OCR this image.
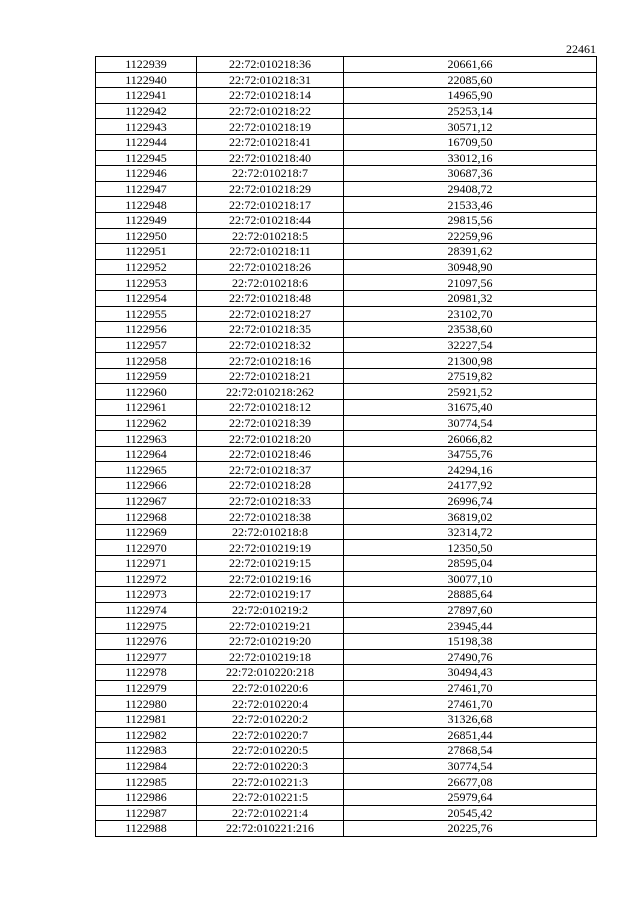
22461
1122939	22:72:010218:36	20661,66
1122940	22:72:010218:31	22085,60
1122941	22:72:010218:14	14965,90
1122942	22:72:010218:22	25253,14
1122943	22:72:010218:19	30571,12
1122944	22:72:010218:41	16709,50
1122945	22:72:010218:40	33012,16
1122946	22:72:010218:7	30687,36
1122947	22:72:010218:29	29408,72
1122948	22:72:010218:17	21533,46
1122949	22:72:010218:44	29815,56
1122950	22:72:010218:5	22259,96
1122951	22:72:010218:11	28391,62
1122952	22:72:010218:26	30948,90
1122953	22:72:010218:6	21097,56
1122954	22:72:010218:48	20981,32
1122955	22:72:010218:27	23102,70
1122956	22:72:010218:35	23538,60
1122957	22:72:010218:32	32227,54
1122958	22:72:010218:16	21300,98
1122959	22:72:010218:21	27519,82
1122960	22:72:010218:262	25921,52
1122961	22:72:010218:12	31675,40
1122962	22:72:010218:39	30774,54
1122963	22:72:010218:20	26066,82
1122964	22:72:010218:46	34755,76
1122965	22:72:010218:37	24294,16
1122966	22:72:010218:28	24177,92
1122967	22:72:010218:33	26996,74
1122968	22:72:010218:38	36819,02
1122969	22:72:010218:8	32314,72
1122970	22:72:010219:19	12350,50
1122971	22:72:010219:15	28595,04
1122972	22:72:010219:16	30077,10
1122973	22:72:010219:17	28885,64
1122974	22:72:010219:2	27897,60
1122975	22:72:010219:21	23945,44
1122976	22:72:010219:20	15198,38
1122977	22:72:010219:18	27490,76
1122978	22:72:010220:218	30494,43
1122979	22:72:010220:6	27461,70
1122980	22:72:010220:4	27461,70
1122981	22:72:010220:2	31326,68
1122982	22:72:010220:7	26851,44
1122983	22:72:010220:5	27868,54
1122984	22:72:010220:3	30774,54
1122985	22:72:010221:3	26677,08
1122986	22:72:010221:5	25979,64
1122987	22:72:010221:4	20545,42
1122988	22:72:010221:216	20225,76
